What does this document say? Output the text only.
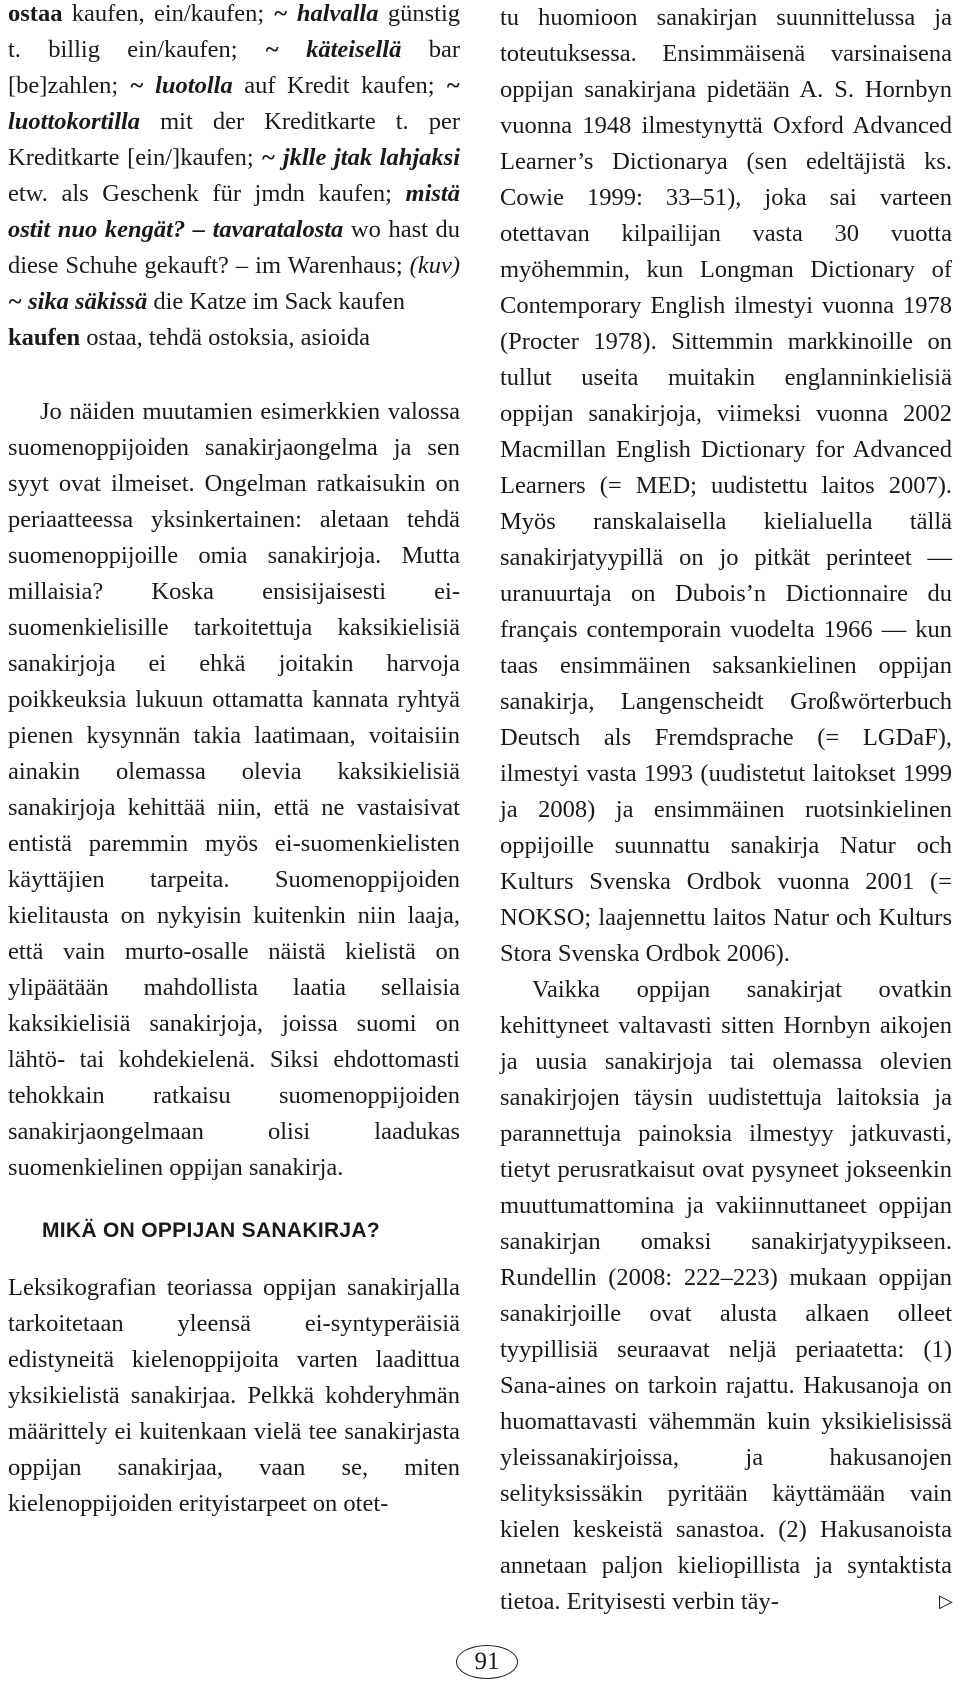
ostaa kaufen, ein/kaufen; ~ halvalla günstig t. billig ein/kaufen; ~ käteisellä bar [be]zahlen; ~ luotolla auf Kredit kaufen; ~ luottokortilla mit der Kreditkarte t. per Kreditkarte [ein/]kaufen; ~ jklle jtak lahjaksi etw. als Geschenk für jmdn kaufen; mistä ostit nuo kengät? – tavaratalosta wo hast du diese Schuhe gekauft? – im Warenhaus; (kuv) ~ sika säkissä die Katze im Sack kaufen

kaufen ostaa, tehdä ostoksia, asioida

Jo näiden muutamien esimerkkien valossa suomenoppijoiden sanakirjaongelma ja sen syyt ovat ilmeiset. Ongelman ratkaisukin on periaatteessa yksinkertainen: aletaan tehdä suomenoppijoille omia sanakirjoja. Mutta millaisia? Koska ensisijaisesti ei-suomenkielisille tarkoitettuja kaksikielisiä sanakirjoja ei ehkä joitakin harvoja poikkeuksia lukuun ottamatta kannata ryhtyä pienen kysynnän takia laatimaan, voitaisiin ainakin olemassa olevia kaksikielisiä sanakirjoja kehittää niin, että ne vastaisivat entistä paremmin myös ei-suomenkielisten käyttäjien tarpeita. Suomenoppijoiden kielitausta on nykyisin kuitenkin niin laaja, että vain murto-osalle näistä kielistä on ylipäätään mahdollista laatia sellaisia kaksikielisiä sanakirjoja, joissa suomi on lähtö- tai kohdekielenä. Siksi ehdottomasti tehokkain ratkaisu suomenoppijoiden sanakirjaongelmaan olisi laadukas suomenkielinen oppijan sanakirja.

MIKÄ ON OPPIJAN SANAKIRJA?

Leksikografian teoriassa oppijan sanakirjalla tarkoitetaan yleensä ei-syntyperäisiä edistyneitä kielenoppijoita varten laadittua yksikielistä sanakirjaa. Pelkkä kohderyhmän määrittely ei kuitenkaan vielä tee sanakirjasta oppijan sanakirjaa, vaan se, miten kielenoppijoiden erityistarpeet on otet-

tu huomioon sanakirjan suunnittelussa ja toteutuksessa. Ensimmäisenä varsinaisena oppijan sanakirjana pidetään A. S. Hornbyn vuonna 1948 ilmestynyttä Oxford Advanced Learner’s Dictionarya (sen edeltäjistä ks. Cowie 1999: 33–51), joka sai varteen otettavan kilpailijan vasta 30 vuotta myöhemmin, kun Longman Dictionary of Contemporary English ilmestyi vuonna 1978 (Procter 1978). Sittemmin markkinoille on tullut useita muitakin englanninkielisiä oppijan sanakirjoja, viimeksi vuonna 2002 Macmillan English Dictionary for Advanced Learners (= MED; uudistettu laitos 2007). Myös ranskalaisella kielialuella tällä sanakirjatyypillä on jo pitkät perinteet — uranuurtaja on Dubois’n Dictionnaire du français contemporain vuodelta 1966 — kun taas ensimmäinen saksankielinen oppijan sanakirja, Langenscheidt Großwörterbuch Deutsch als Fremdsprache (= LGDaF), ilmestyi vasta 1993 (uudistetut laitokset 1999 ja 2008) ja ensimmäinen ruotsinkielinen oppijoille suunnattu sanakirja Natur och Kulturs Svenska Ordbok vuonna 2001 (= NOKSO; laajennettu laitos Natur och Kulturs Stora Svenska Ordbok 2006).

Vaikka oppijan sanakirjat ovatkin kehittyneet valtavasti sitten Hornbyn aikojen ja uusia sanakirjoja tai olemassa olevien sanakirjojen täysin uudistettuja laitoksia ja parannettuja painoksia ilmestyy jatkuvasti, tietyt perusratkaisut ovat pysyneet jokseenkin muuttumattomina ja vakiinnuttaneet oppijan sanakirjan omaksi sanakirjatyypikseen. Rundellin (2008: 222–223) mukaan oppijan sanakirjoille ovat alusta alkaen olleet tyypillisiä seuraavat neljä periaatetta: (1) Sana-aines on tarkoin rajattu. Hakusanoja on huomattavasti vähemmän kuin yksikielisissä yleissanakirjoissa, ja hakusanojen selityksissäkin pyritään käyttämään vain kielen keskeistä sanastoa. (2) Hakusanoista annetaan paljon kieliopillista ja syntaktista tietoa. Erityisesti verbin täy-	▷
91
